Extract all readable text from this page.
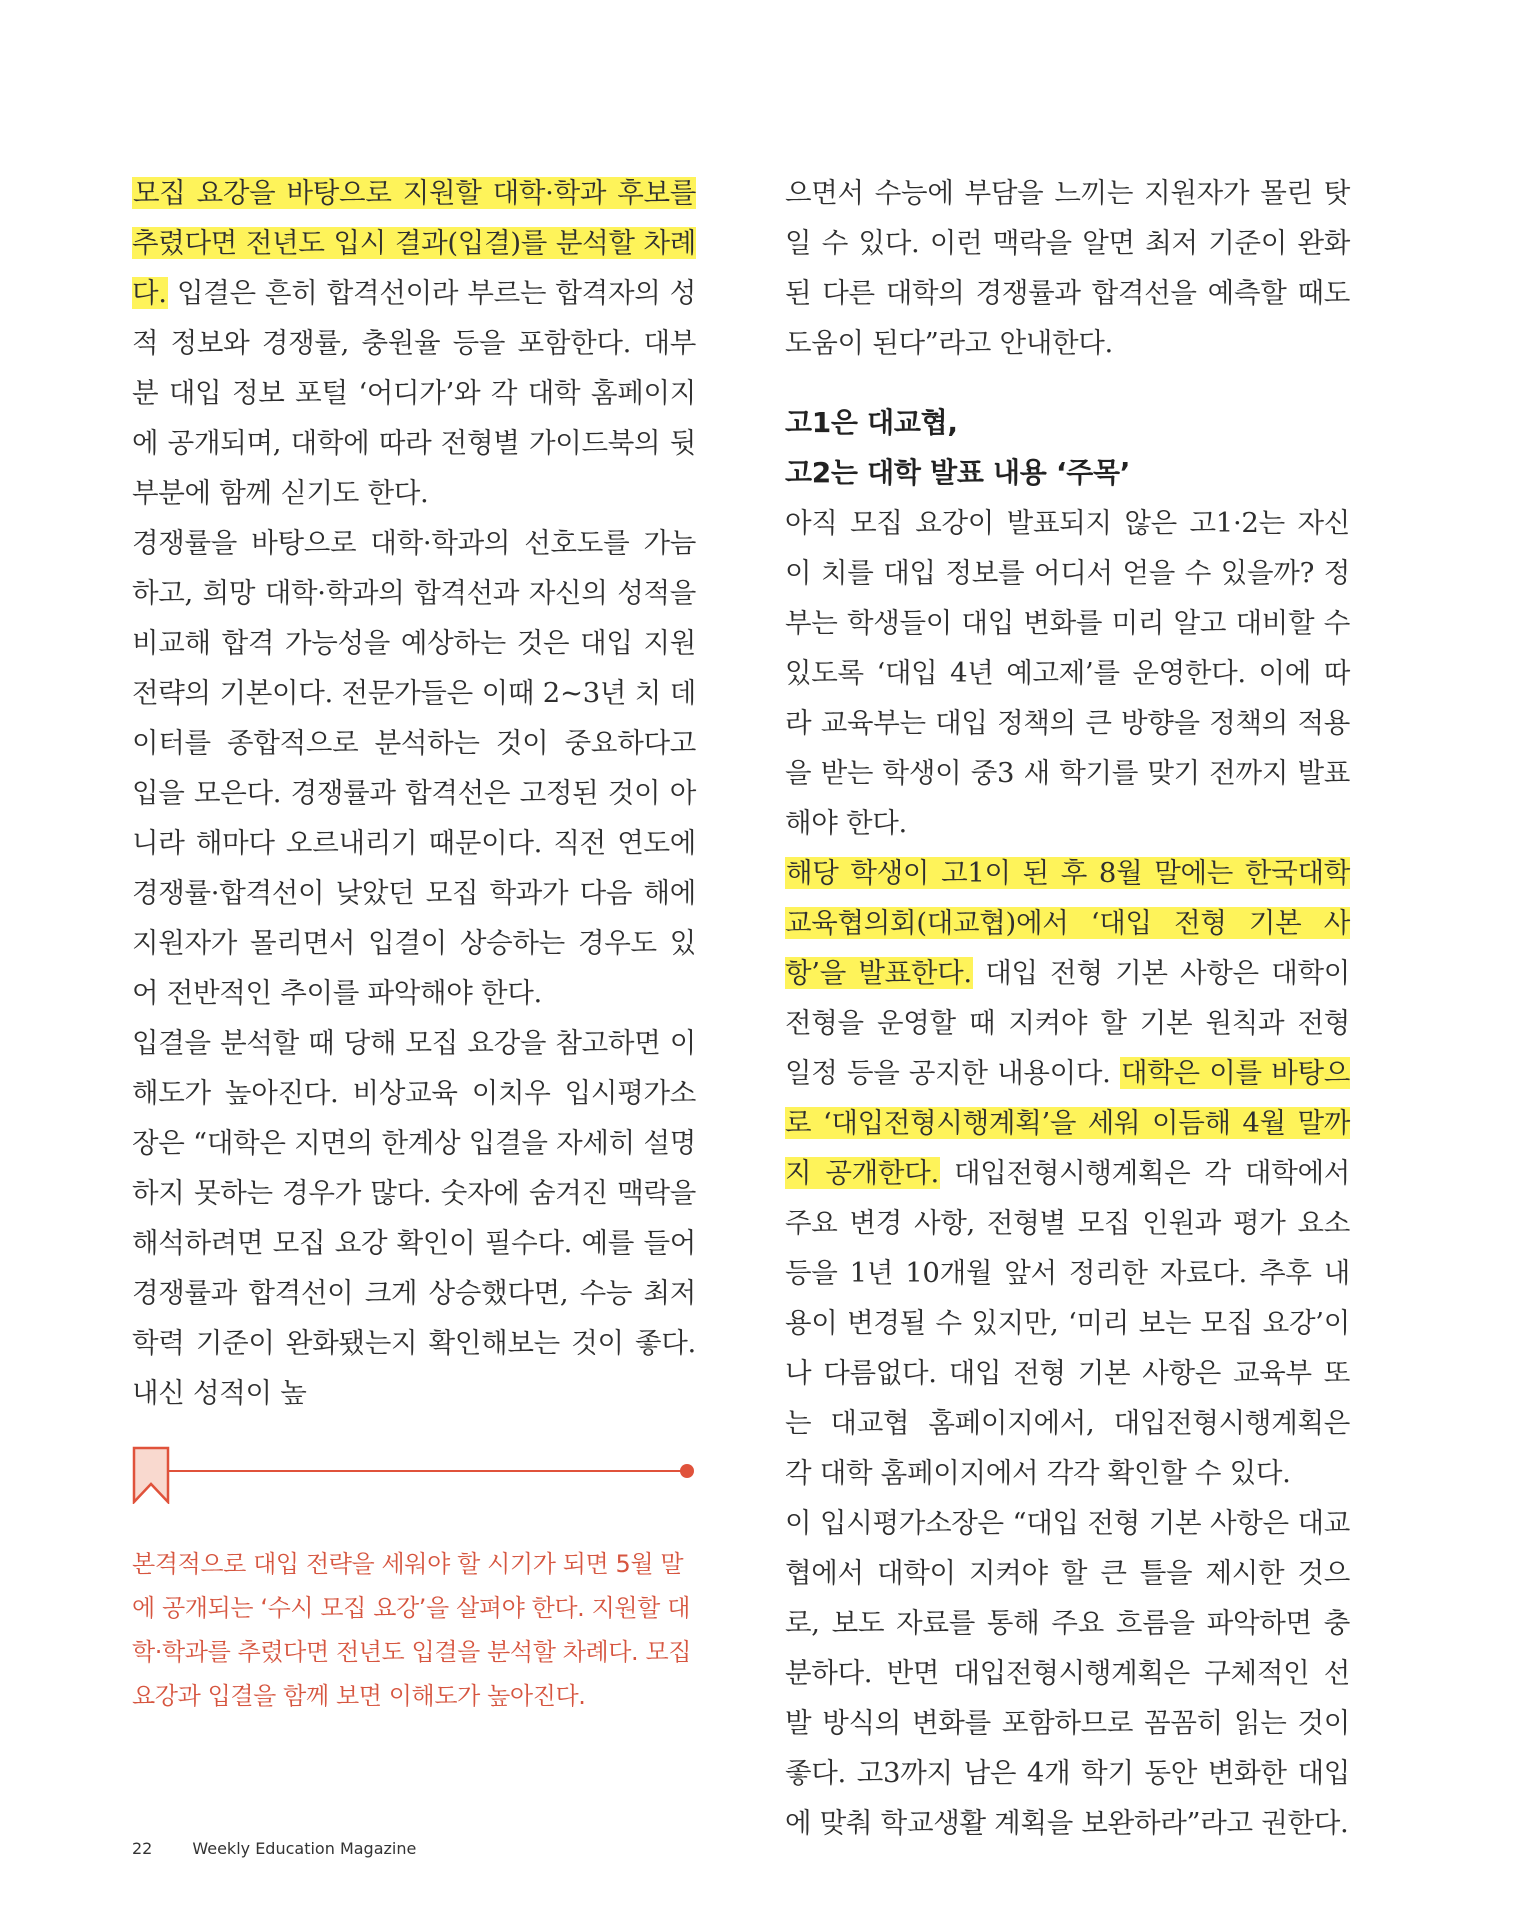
모집 요강을 바탕으로 지원할 대학·학과 후보를 추렸다면 전년도 입시 결과(입결)를 분석할 차례다. 입결은 흔히 합격선이라 부르는 합격자의 성적 정보와 경쟁률, 충원율 등을 포함한다. 대부분 대입 정보 포털 ‘어디가’와 각 대학 홈페이지에 공개되며, 대학에 따라 전형별 가이드북의 뒷부분에 함께 싣기도 한다.

경쟁률을 바탕으로 대학·학과의 선호도를 가늠하고, 희망 대학·학과의 합격선과 자신의 성적을 비교해 합격 가능성을 예상하는 것은 대입 지원 전략의 기본이다. 전문가들은 이때 2~3년 치 데이터를 종합적으로 분석하는 것이 중요하다고 입을 모은다. 경쟁률과 합격선은 고정된 것이 아니라 해마다 오르내리기 때문이다. 직전 연도에 경쟁률·합격선이 낮았던 모집 학과가 다음 해에 지원자가 몰리면서 입결이 상승하는 경우도 있어 전반적인 추이를 파악해야 한다.

입결을 분석할 때 당해 모집 요강을 참고하면 이해도가 높아진다. 비상교육 이치우 입시평가소장은 “대학은 지면의 한계상 입결을 자세히 설명하지 못하는 경우가 많다. 숫자에 숨겨진 맥락을 해석하려면 모집 요강 확인이 필수다. 예를 들어 경쟁률과 합격선이 크게 상승했다면, 수능 최저 학력 기준이 완화됐는지 확인해보는 것이 좋다. 내신 성적이 높

으면서 수능에 부담을 느끼는 지원자가 몰린 탓일 수 있다. 이런 맥락을 알면 최저 기준이 완화된 다른 대학의 경쟁률과 합격선을 예측할 때도 도움이 된다”라고 안내한다.

고1은 대교협,

고2는 대학 발표 내용 ‘주목’

아직 모집 요강이 발표되지 않은 고1·2는 자신이 치를 대입 정보를 어디서 얻을 수 있을까? 정부는 학생들이 대입 변화를 미리 알고 대비할 수 있도록 ‘대입 4년 예고제’를 운영한다. 이에 따라 교육부는 대입 정책의 큰 방향을 정책의 적용을 받는 학생이 중3 새 학기를 맞기 전까지 발표해야 한다.

해당 학생이 고1이 된 후 8월 말에는 한국대학교육협의회(대교협)에서 ‘대입 전형 기본 사항’을 발표한다. 대입 전형 기본 사항은 대학이 전형을 운영할 때 지켜야 할 기본 원칙과 전형 일정 등을 공지한 내용이다. 대학은 이를 바탕으로 ‘대입전형시행계획’을 세워 이듬해 4월 말까지 공개한다. 대입전형시행계획은 각 대학에서 주요 변경 사항, 전형별 모집 인원과 평가 요소 등을 1년 10개월 앞서 정리한 자료다. 추후 내용이 변경될 수 있지만, ‘미리 보는 모집 요강’이나 다름없다. 대입 전형 기본 사항은 교육부 또는 대교협 홈페이지에서, 대입전형시행계획은 각 대학 홈페이지에서 각각 확인할 수 있다.

이 입시평가소장은 “대입 전형 기본 사항은 대교협에서 대학이 지켜야 할 큰 틀을 제시한 것으로, 보도 자료를 통해 주요 흐름을 파악하면 충분하다. 반면 대입전형시행계획은 구체적인 선발 방식의 변화를 포함하므로 꼼꼼히 읽는 것이 좋다. 고3까지 남은 4개 학기 동안 변화한 대입에 맞춰 학교생활 계획을 보완하라”라고 권한다.

본격적으로 대입 전략을 세워야 할 시기가 되면 5월 말에 공개되는 ‘수시 모집 요강’을 살펴야 한다. 지원할 대학·학과를 추렸다면 전년도 입결을 분석할 차례다. 모집 요강과 입결을 함께 보면 이해도가 높아진다.

22	Weekly Education Magazine
